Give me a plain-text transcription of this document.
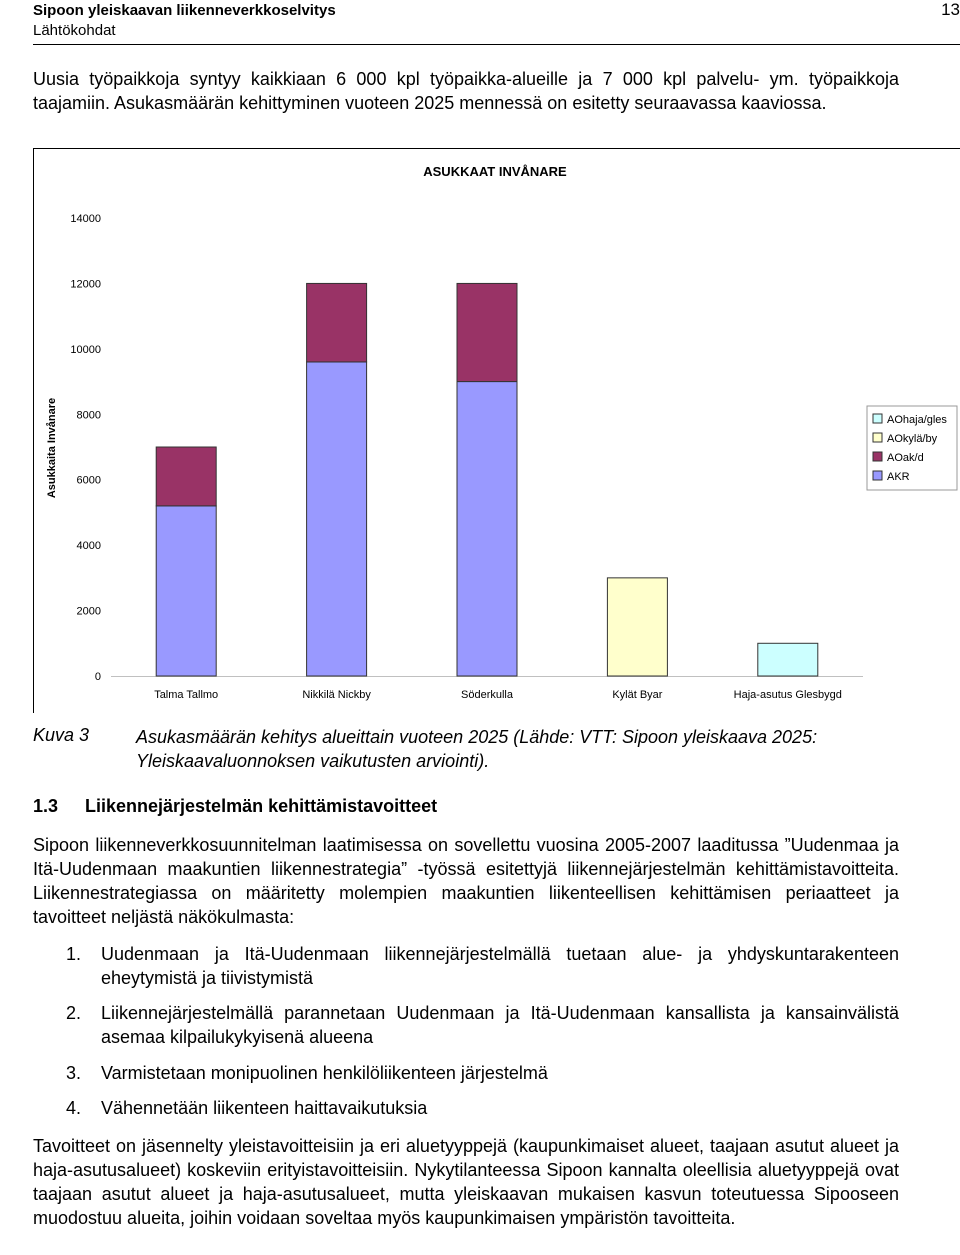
Sipoon yleiskaavan liikenneverkkoselvitys
Lähtökohdat
13

Uusia työpaikkoja syntyy kaikkiaan 6 000 kpl työpaikka-alueille ja 7 000 kpl palvelu- ym. työpaikkoja taajamiin. Asukasmäärän kehittyminen vuoteen 2025 mennessä on esitetty seuraavassa kaaviossa.

ASUKKAAT INVÅNARE
Asukkaita Invånare
0
2000
4000
6000
8000
10000
12000
14000
Talma Tallmo	Nikkilä Nickby	Söderkulla	Kylät Byar	Haja-asutus Glesbygd
AOhaja/gles
AOkylä/by
AOak/d
AKR
Kuva 3	Asukasmäärän kehitys alueittain vuoteen 2025 (Lähde: VTT: Sipoon yleiskaava 2025: Yleiskaavaluonnoksen vaikutusten arviointi).
1.3 Liikennejärjestelmän kehittämistavoitteet

Sipoon liikenneverkkosuunnitelman laatimisessa on sovellettu vuosina 2005-2007 laaditussa ”Uudenmaa ja Itä-Uudenmaan maakuntien liikennestrategia” -työssä esitettyjä liikennejärjestelmän kehittämistavoitteita. Liikennestrategiassa on määritetty molempien maakuntien liikenteellisen kehittämisen periaatteet ja tavoitteet neljästä näkökulmasta:

1. Uudenmaan ja Itä-Uudenmaan liikennejärjestelmällä tuetaan alue- ja yhdyskuntarakenteen eheytymistä ja tiivistymistä
2. Liikennejärjestelmällä parannetaan Uudenmaan ja Itä-Uudenmaan kansallista ja kansainvälistä asemaa kilpailukykyisenä alueena
3. Varmistetaan monipuolinen henkilöliikenteen järjestelmä
4. Vähennetään liikenteen haittavaikutuksia

Tavoitteet on jäsennelty yleistavoitteisiin ja eri aluetyyppejä (kaupunkimaiset alueet, taajaan asutut alueet ja haja-asutusalueet) koskeviin erityistavoitteisiin. Nykytilanteessa Sipoon kannalta oleellisia aluetyyppejä ovat taajaan asutut alueet ja haja-asutusalueet, mutta yleiskaavan mukaisen kasvun toteutuessa Sipooseen muodostuu alueita, joihin voidaan soveltaa myös kaupunkimaisen ympäristön tavoitteita.
